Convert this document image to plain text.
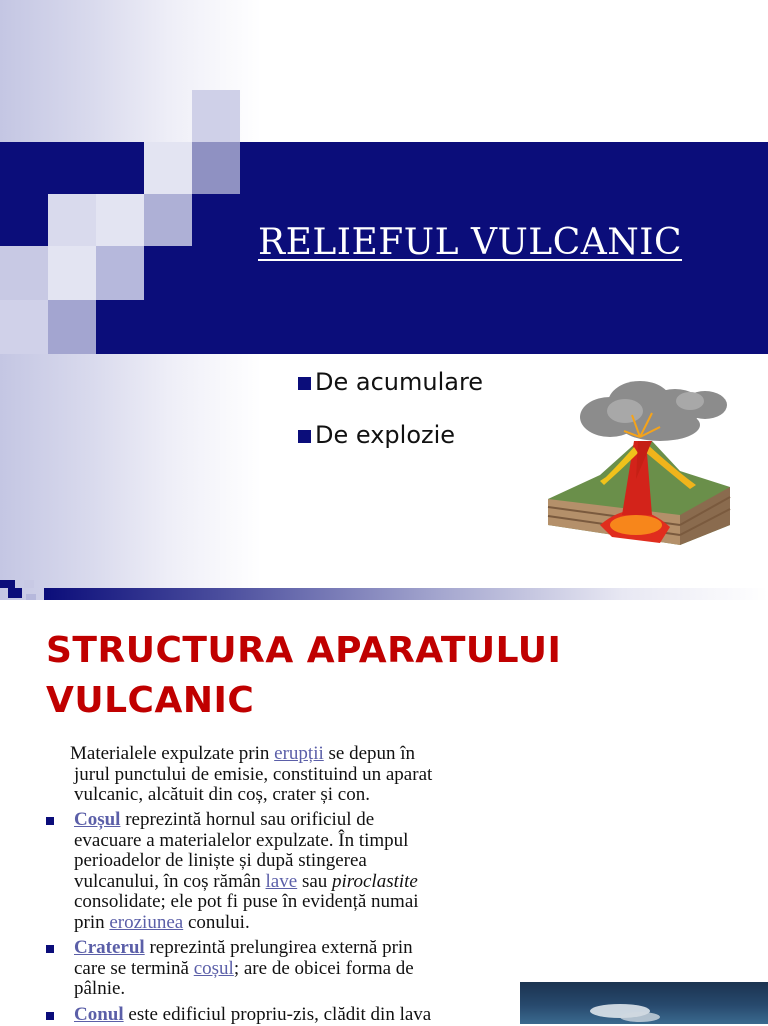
RELIEFUL VULCANIC
De acumulare
De explozie
STRUCTURA APARATULUI
VULCANIC
Materialele expulzate prin erupții se depun în
jurul punctului de emisie, constituind un aparat
vulcanic, alcătuit din coș, crater și con.
Coșul reprezintă hornul sau orificiul de
evacuare a materialelor expulzate. În timpul
perioadelor de liniște și după stingerea
vulcanului, în coș rămân lave sau piroclastite
consolidate; ele pot fi puse în evidență numai
prin eroziunea conului.
Craterul reprezintă prelungirea externă prin
care se termină coșul; are de obicei forma de
pâlnie.
Conul este edificiul propriu-zis, clădit din lava
